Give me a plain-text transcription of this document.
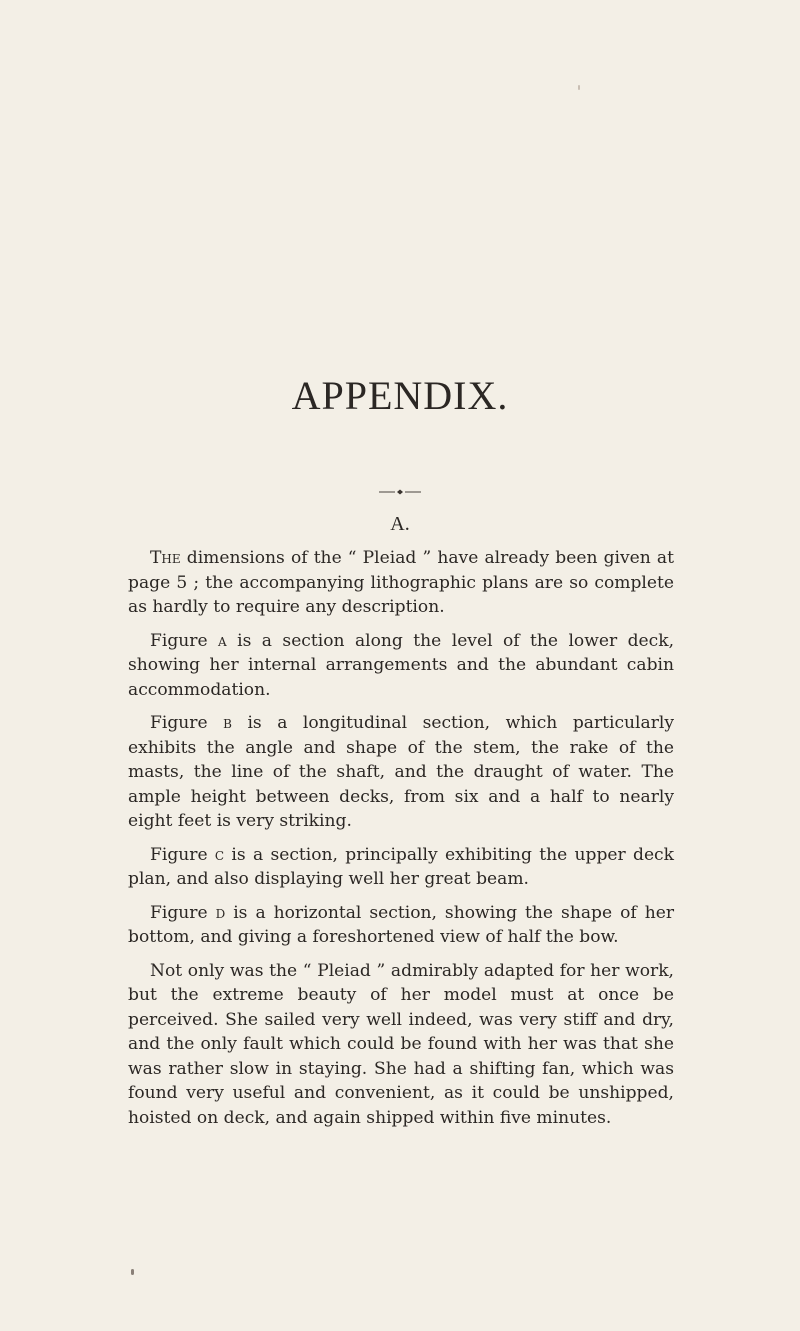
APPENDIX.
A.

The dimensions of the “ Pleiad ” have already been given at page 5 ; the accompanying lithographic plans are so complete as hardly to require any description.

Figure a is a section along the level of the lower deck, showing her internal arrangements and the abundant cabin accommodation.

Figure b is a longitudinal section, which particularly exhibits the angle and shape of the stem, the rake of the masts, the line of the shaft, and the draught of water. The ample height between decks, from six and a half to nearly eight feet is very striking.

Figure c is a section, principally exhibiting the upper deck plan, and also displaying well her great beam.

Figure d is a horizontal section, showing the shape of her bottom, and giving a foreshortened view of half the bow.

Not only was the “ Pleiad ” admirably adapted for her work, but the extreme beauty of her model must at once be perceived. She sailed very well indeed, was very stiff and dry, and the only fault which could be found with her was that she was rather slow in staying. She had a shifting fan, which was found very useful and convenient, as it could be unshipped, hoisted on deck, and again shipped within five minutes.
